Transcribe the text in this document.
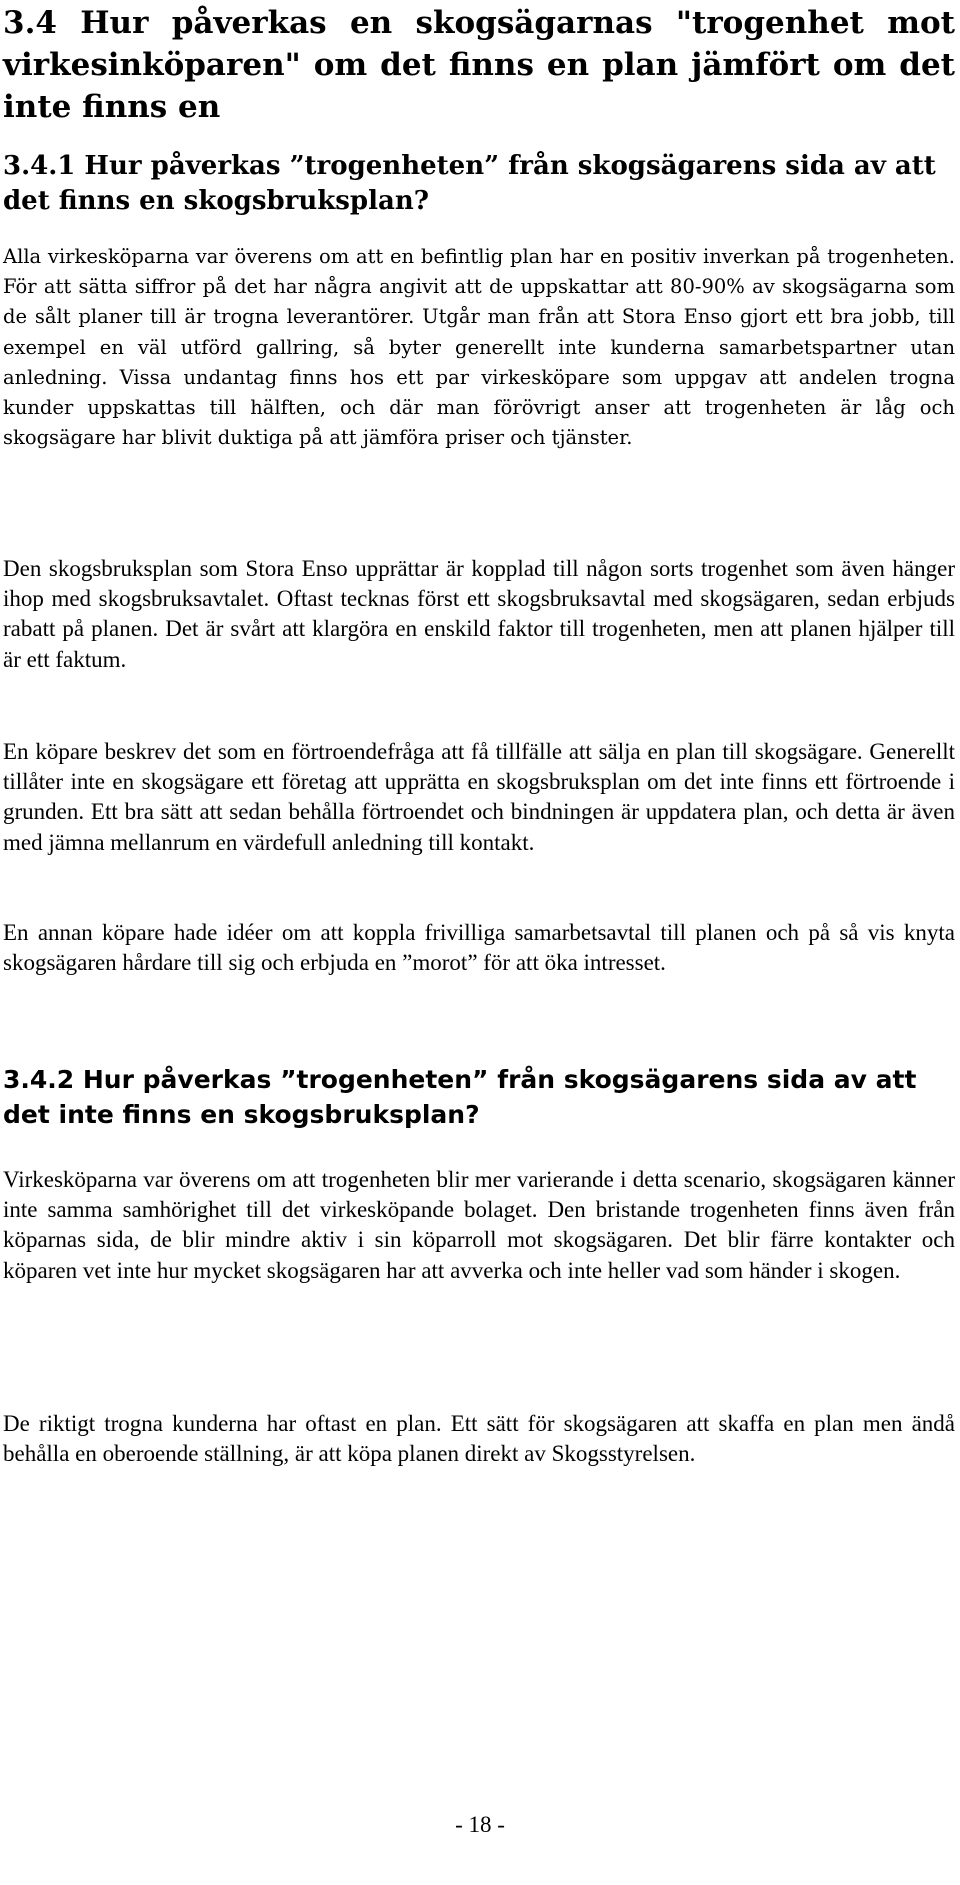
3.4 Hur påverkas en skogsägarnas "trogenhet mot virkesinköparen" om det finns en plan jämfört om det inte finns en
3.4.1 Hur påverkas ”trogenheten” från skogsägarens sida av att det finns en skogsbruksplan?

Alla virkesköparna var överens om att en befintlig plan har en positiv inverkan på trogenheten. För att sätta siffror på det har några angivit att de uppskattar att 80-90% av skogsägarna som de sålt planer till är trogna leverantörer. Utgår man från att Stora Enso gjort ett bra jobb, till exempel en väl utförd gallring, så byter generellt inte kunderna samarbetspartner utan anledning. Vissa undantag finns hos ett par virkesköpare som uppgav att andelen trogna kunder uppskattas till hälften, och där man förövrigt anser att trogenheten är låg och skogsägare har blivit duktiga på att jämföra priser och tjänster.

Den skogsbruksplan som Stora Enso upprättar är kopplad till någon sorts trogenhet som även hänger ihop med skogsbruksavtalet. Oftast tecknas först ett skogsbruksavtal med skogsägaren, sedan erbjuds rabatt på planen. Det är svårt att klargöra en enskild faktor till trogenheten, men att planen hjälper till är ett faktum.

En köpare beskrev det som en förtroendefråga att få tillfälle att sälja en plan till skogsägare. Generellt tillåter inte en skogsägare ett företag att upprätta en skogsbruksplan om det inte finns ett förtroende i grunden. Ett bra sätt att sedan behålla förtroendet och bindningen är uppdatera plan, och detta är även med jämna mellanrum en värdefull anledning till kontakt.

En annan köpare hade idéer om att koppla frivilliga samarbetsavtal till planen och på så vis knyta skogsägaren hårdare till sig och erbjuda en ”morot” för att öka intresset.

3.4.2 Hur påverkas ”trogenheten” från skogsägarens sida av att det inte finns en skogsbruksplan?

Virkesköparna var överens om att trogenheten blir mer varierande i detta scenario, skogsägaren känner inte samma samhörighet till det virkesköpande bolaget. Den bristande trogenheten finns även från köparnas sida, de blir mindre aktiv i sin köparroll mot skogsägaren. Det blir färre kontakter och köparen vet inte hur mycket skogsägaren har att avverka och inte heller vad som händer i skogen.

De riktigt trogna kunderna har oftast en plan. Ett sätt för skogsägaren att skaffa en plan men ändå behålla en oberoende ställning, är att köpa planen direkt av Skogsstyrelsen.

- 18 -
